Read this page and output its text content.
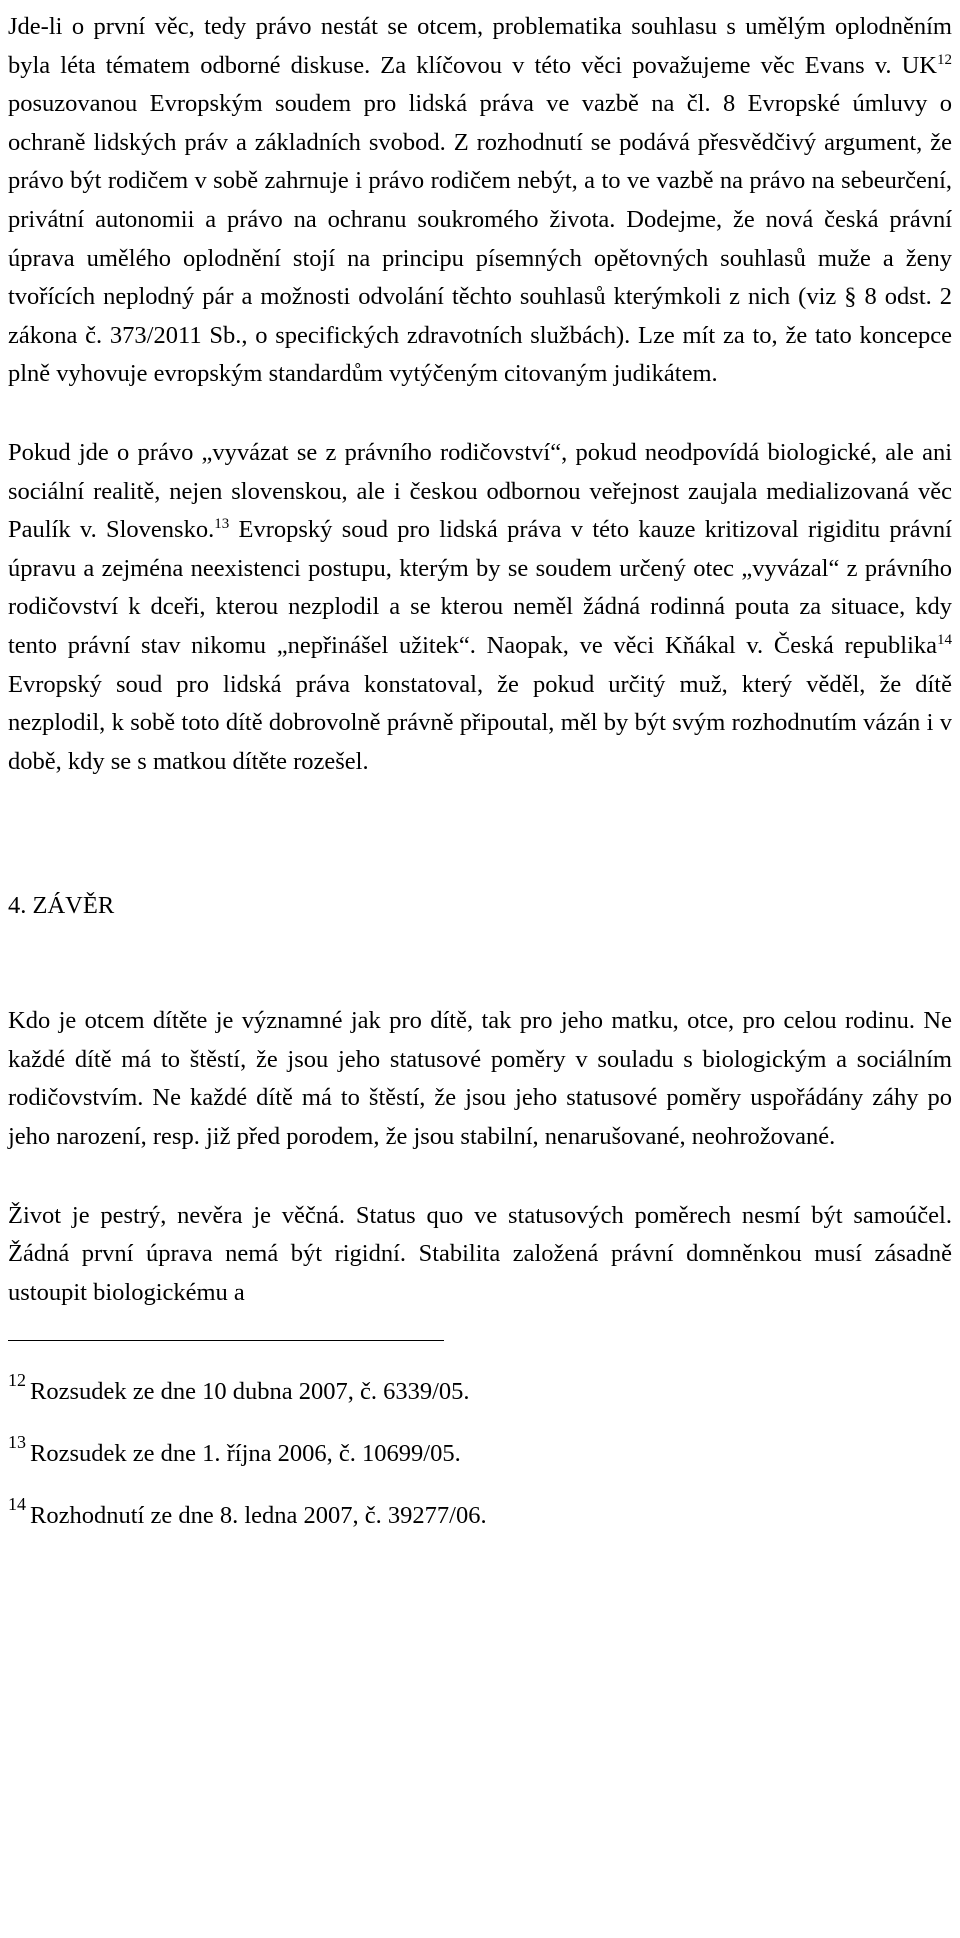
Jde-li o první věc, tedy právo nestát se otcem, problematika souhlasu s umělým oplodněním byla léta tématem odborné diskuse. Za klíčovou v této věci považujeme věc Evans v. UK$^{12}$ posuzovanou Evropským soudem pro lidská práva ve vazbě na čl. 8 Evropské úmluvy o ochraně lidských práv a základních svobod. Z rozhodnutí se podává přesvědčivý argument, že právo být rodičem v sobě zahrnuje i právo rodičem nebýt, a to ve vazbě na právo na sebeurčení, privátní autonomii a právo na ochranu soukromého života. Dodejme, že nová česká právní úprava umělého oplodnění stojí na principu písemných opětovných souhlasů muže a ženy tvořících neplodný pár a možnosti odvolání těchto souhlasů kterýmkoli z nich (viz § 8 odst. 2 zákona č. 373/2011 Sb., o specifických zdravotních službách). Lze mít za to, že tato koncepce plně vyhovuje evropským standardům vytýčeným citovaným judikátem.

Pokud jde o právo „vyvázat se z právního rodičovství“, pokud neodpovídá biologické, ale ani sociální realitě, nejen slovenskou, ale i českou odbornou veřejnost zaujala medializovaná věc Paulík v. Slovensko.$^{13}$ Evropský soud pro lidská práva v této kauze kritizoval rigiditu právní úpravu a zejména neexistenci postupu, kterým by se soudem určený otec „vyvázal“ z právního rodičovství k dceři, kterou nezplodil a se kterou neměl žádná rodinná pouta za situace, kdy tento právní stav nikomu „nepřinášel užitek“. Naopak, ve věci Kňákal v. Česká republika$^{14}$ Evropský soud pro lidská práva konstatoval, že pokud určitý muž, který věděl, že dítě nezplodil, k sobě toto dítě dobrovolně právně připoutal, měl by být svým rozhodnutím vázán i v době, kdy se s matkou dítěte rozešel.

4. ZÁVĚR

Kdo je otcem dítěte je významné jak pro dítě, tak pro jeho matku, otce, pro celou rodinu. Ne každé dítě má to štěstí, že jsou jeho statusové poměry v souladu s biologickým a sociálním rodičovstvím. Ne každé dítě má to štěstí, že jsou jeho statusové poměry uspořádány záhy po jeho narození, resp. již před porodem, že jsou stabilní, nenarušované, neohrožované.

Život je pestrý, nevěra je věčná. Status quo ve statusových poměrech nesmí být samoúčel. Žádná první úprava nemá být rigidní. Stabilita založená právní domněnkou musí zásadně ustoupit biologickému a

$^{12}$ Rozsudek ze dne 10 dubna 2007, č. 6339/05.

$^{13}$ Rozsudek ze dne 1. října 2006, č. 10699/05.

$^{14}$ Rozhodnutí ze dne 8. ledna 2007, č. 39277/06.
